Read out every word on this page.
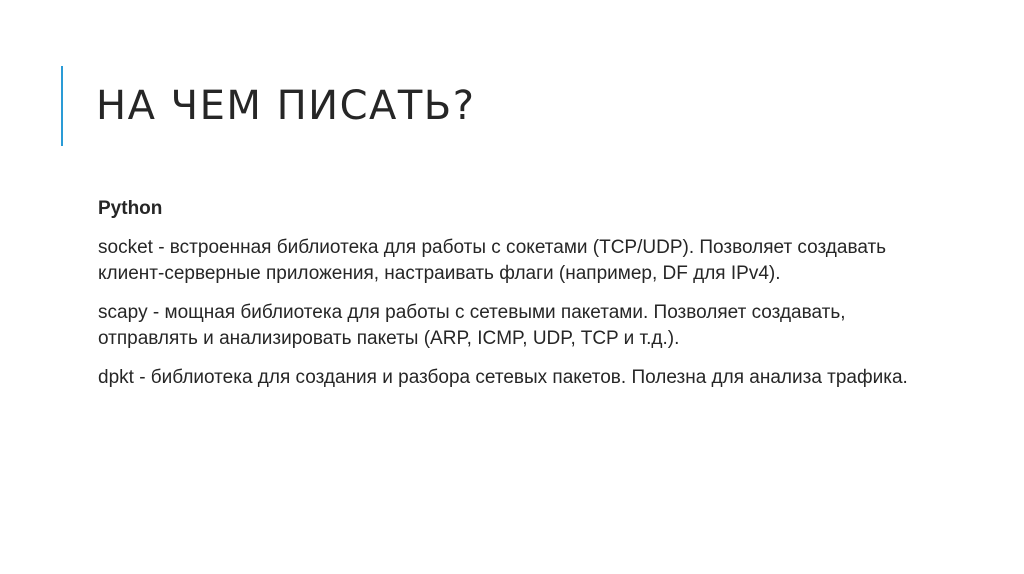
НА ЧЕМ ПИСАТЬ?

Python

socket - встроенная библиотека для работы с сокетами (TCP/UDP). Позволяет создавать клиент-серверные приложения, настраивать флаги (например, DF для IPv4).

scapy - мощная библиотека для работы с сетевыми пакетами. Позволяет создавать, отправлять и анализировать пакеты (ARP, ICMP, UDP, TCP и т.д.).

dpkt - библиотека для создания и разбора сетевых пакетов. Полезна для анализа трафика.
